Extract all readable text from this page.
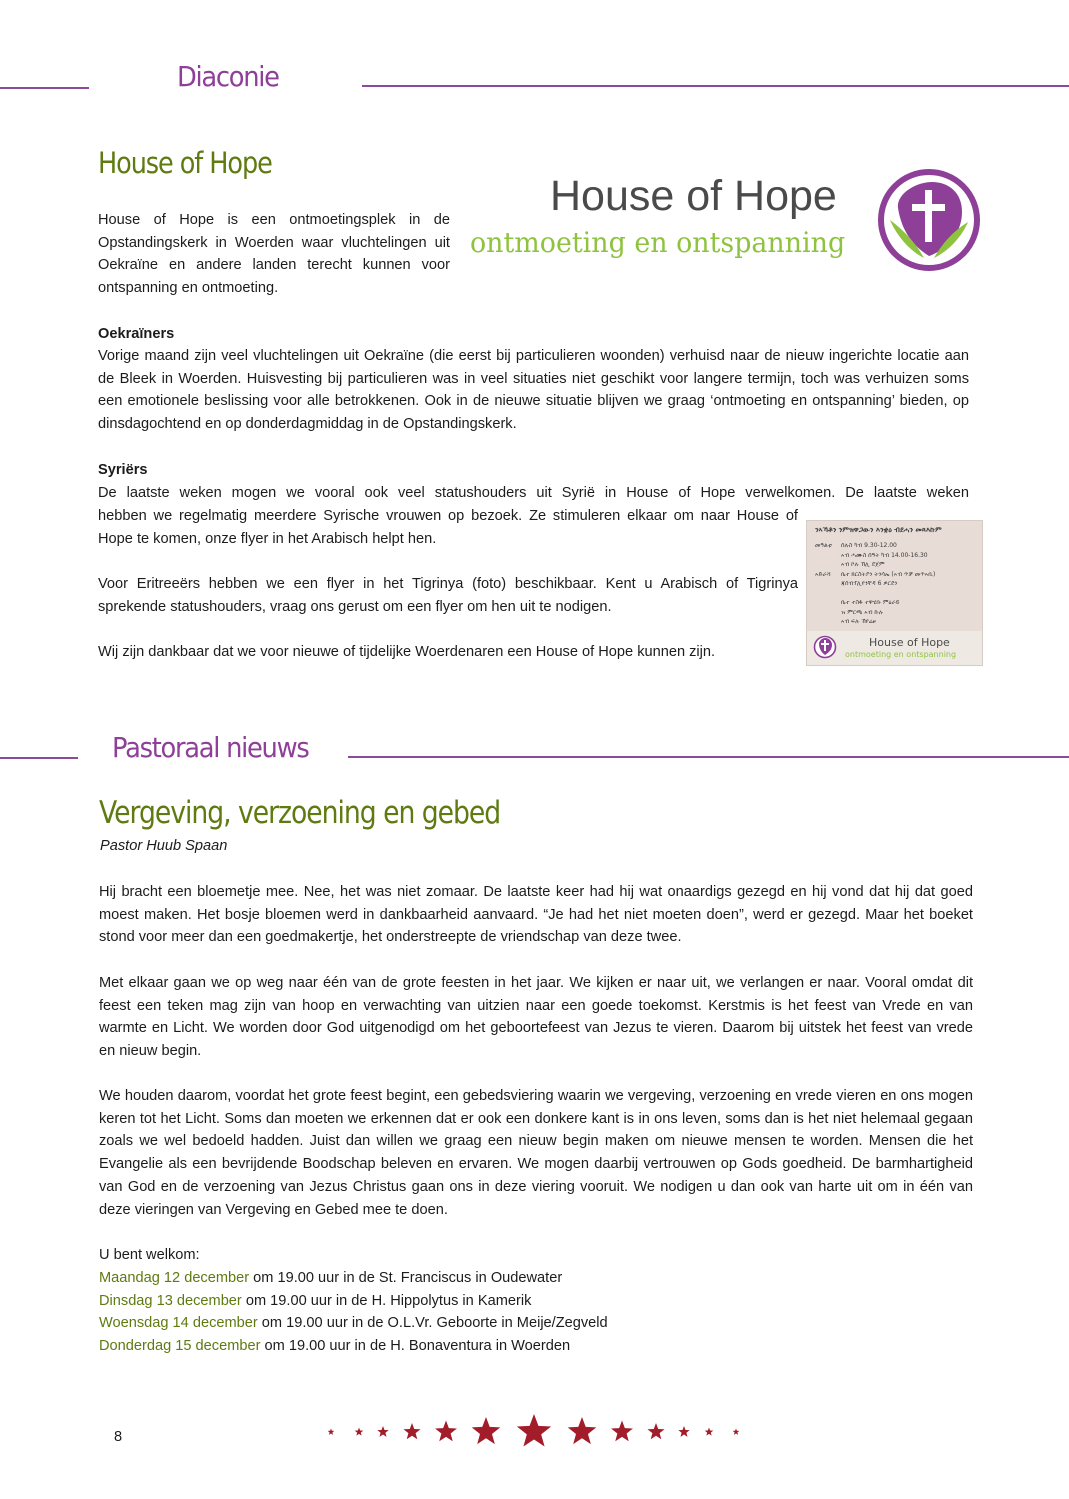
Diaconie
House of Hope
House of Hope
ontmoeting en ontspanning

House of Hope is een ontmoetingsplek in de Opstandingskerk in Woerden waar vluchtelingen uit Oekraïne en andere landen terecht kunnen voor ontspanning en ontmoeting.

Oekraïners

Vorige maand zijn veel vluchtelingen uit Oekraïne (die eerst bij particulieren woonden) verhuisd naar de nieuw ingerichte locatie aan de Bleek in Woerden. Huisvesting bij particulieren was in veel situaties niet geschikt voor langere termijn, toch was verhuizen soms een emotionele beslissing voor alle betrokkenen. Ook in de nieuwe situatie blijven we graag ‘ontmoeting en ontspanning’ bieden, op dinsdagochtend en op donderdagmiddag in de Opstandingskerk.

Syriërs

De laatste weken mogen we vooral ook veel statushouders uit Syrië in House of Hope verwelkomen. De laatste weken

hebben we regelmatig meerdere Syrische vrouwen op bezoek. Ze stimuleren elkaar om naar House of Hope te komen, onze flyer in het Arabisch helpt hen.

Voor Eritreeërs hebben we een flyer in het Tigrinya (foto) beschikbaar. Kent u Arabisch of Tigrinya sprekende statushouders, vraag ons gerust om een flyer om hen uit te nodigen.

Wij zijn dankbaar dat we voor nieuwe of tijdelijke Woerdenaren een House of Hope kunnen zijn.

ንኣኻቶን ንምዝዋጋውን እንቋዕ ብደሓን መጻእኩም
መዓልቲ ሰሉስ ካብ 9.30-12.00
ኣብ ሓሙስ ሰዓት ካብ 14.00-16.30
ኣብ ኮሉ ኸሊ ደጀም
ኣድራሻ ቤተ ክርስትያን ትንሳኤ (ኣብ ጥቓ መጥኣቢ)
ጃሰብፕሊየንቸዳ 6 ዎርደን
ቤተ ተስፋ ተዋሂቡ ምዕራይ
ዝ ምርጫ ኣብ ኩሉ
ኣብ ፍሉ ኸየሬፀ
House of Hope
ontmoeting en ontspanning
Pastoraal nieuws
Vergeving, verzoening en gebed
Pastor Huub Spaan

Hij bracht een bloemetje mee. Nee, het was niet zomaar. De laatste keer had hij wat onaardigs gezegd en hij vond dat hij dat goed moest maken. Het bosje bloemen werd in dankbaarheid aanvaard. “Je had het niet moeten doen”, werd er gezegd. Maar het boeket stond voor meer dan een goedmakertje, het onderstreepte de vriendschap van deze twee.

Met elkaar gaan we op weg naar één van de grote feesten in het jaar. We kijken er naar uit, we verlangen er naar. Vooral omdat dit feest een teken mag zijn van hoop en verwachting van uitzien naar een goede toekomst. Kerstmis is het feest van Vrede en van warmte en Licht. We worden door God uitgenodigd om het geboortefeest van Jezus te vieren. Daarom bij uitstek het feest van vrede en nieuw begin.

We houden daarom, voordat het grote feest begint, een gebedsviering waarin we vergeving, verzoening en vrede vieren en ons mogen keren tot het Licht. Soms dan moeten we erkennen dat er ook een donkere kant is in ons leven, soms dan is het niet helemaal gegaan zoals we wel bedoeld hadden. Juist dan willen we graag een nieuw begin maken om nieuwe mensen te worden. Mensen die het Evangelie als een bevrijdende Boodschap beleven en ervaren. We mogen daarbij vertrouwen op Gods goedheid. De barmhartigheid van God en de verzoening van Jezus Christus gaan ons in deze viering vooruit. We nodigen u dan ook van harte uit om in één van deze vieringen van Vergeving en Gebed mee te doen.

U bent welkom:
Maandag 12 december om 19.00 uur in de St. Franciscus in Oudewater
Dinsdag 13 december om 19.00 uur in de H. Hippolytus in Kamerik
Woensdag 14 december om 19.00 uur in de O.L.Vr. Geboorte in Meije/Zegveld
Donderdag 15 december om 19.00 uur in de H. Bonaventura in Woerden
8
